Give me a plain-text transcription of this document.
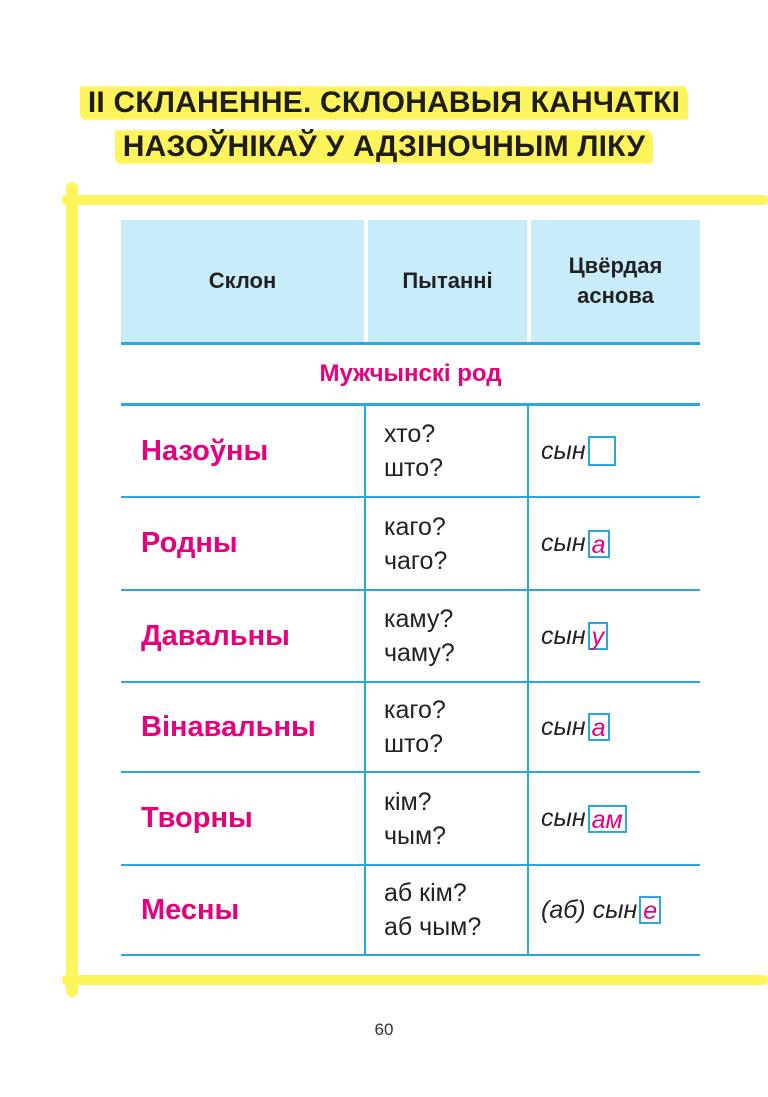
II СКЛАНЕННЕ. СКЛОНАВЫЯ КАНЧАТКІ
НАЗОЎНІКАЎ У АДЗІНОЧНЫМ ЛІКУ
Склон	Пытанні
Цвёрдая
аснова
Мужчынскі род
Назоўны
хто?
што?
сын
Родны
каго?
чаго?
сын а
Давальны
каму?
чаму?
сын у
Вінавальны
каго?
што?
сын а
Творны
кім?
чым?
сын ам
Месны
аб кім?
аб чым?
(аб) сын е
60
